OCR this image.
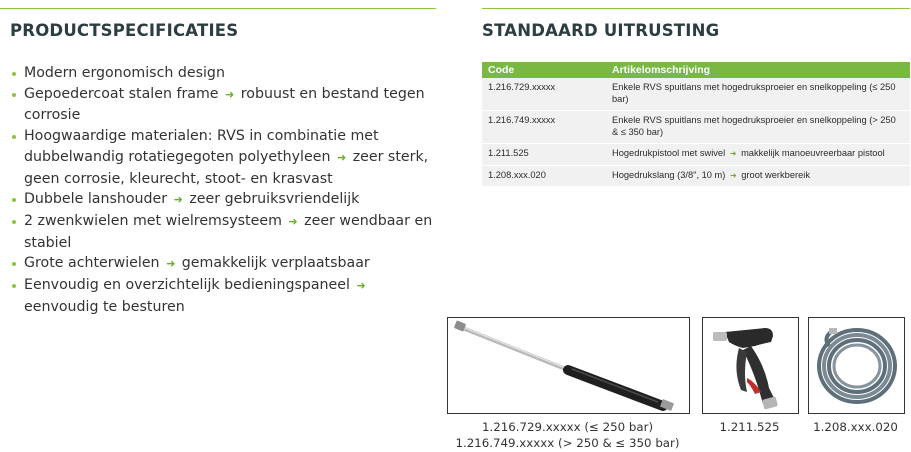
PRODUCTSPECIFICATIES
Modern ergonomisch design
Gepoedercoat stalen frame ➜ robuust en bestand tegen corrosie
Hoogwaardige materialen: RVS in combinatie met dubbelwandig rotatiegegoten polyethyleen ➜ zeer sterk, geen corrosie, kleurecht, stoot- en krasvast
Dubbele lanshouder ➜ zeer gebruiksvriendelijk
2 zwenkwielen met wielremsysteem ➜ zeer wendbaar en stabiel
Grote achterwielen ➜ gemakkelijk verplaatsbaar
Eenvoudig en overzichtelijk bedieningspaneel ➜ eenvoudig te besturen
STANDAARD UITRUSTING
Code	Artikelomschrijving
1.216.729.xxxxx	Enkele RVS spuitlans met hogedruksproeier en snelkoppeling (≤ 250 bar)
1.216.749.xxxxx	Enkele RVS spuitlans met hogedruksproeier en snelkoppeling (> 250 & ≤ 350 bar)
1.211.525	Hogedrukpistool met swivel ➜ makkelijk manoeuvreerbaar pistool
1.208.xxx.020	Hogedrukslang (3/8", 10 m) ➜ groot werkbereik
1.216.729.xxxxx (≤ 250 bar)
1.216.749.xxxxx (> 250 & ≤ 350 bar)
1.211.525	1.208.xxx.020
